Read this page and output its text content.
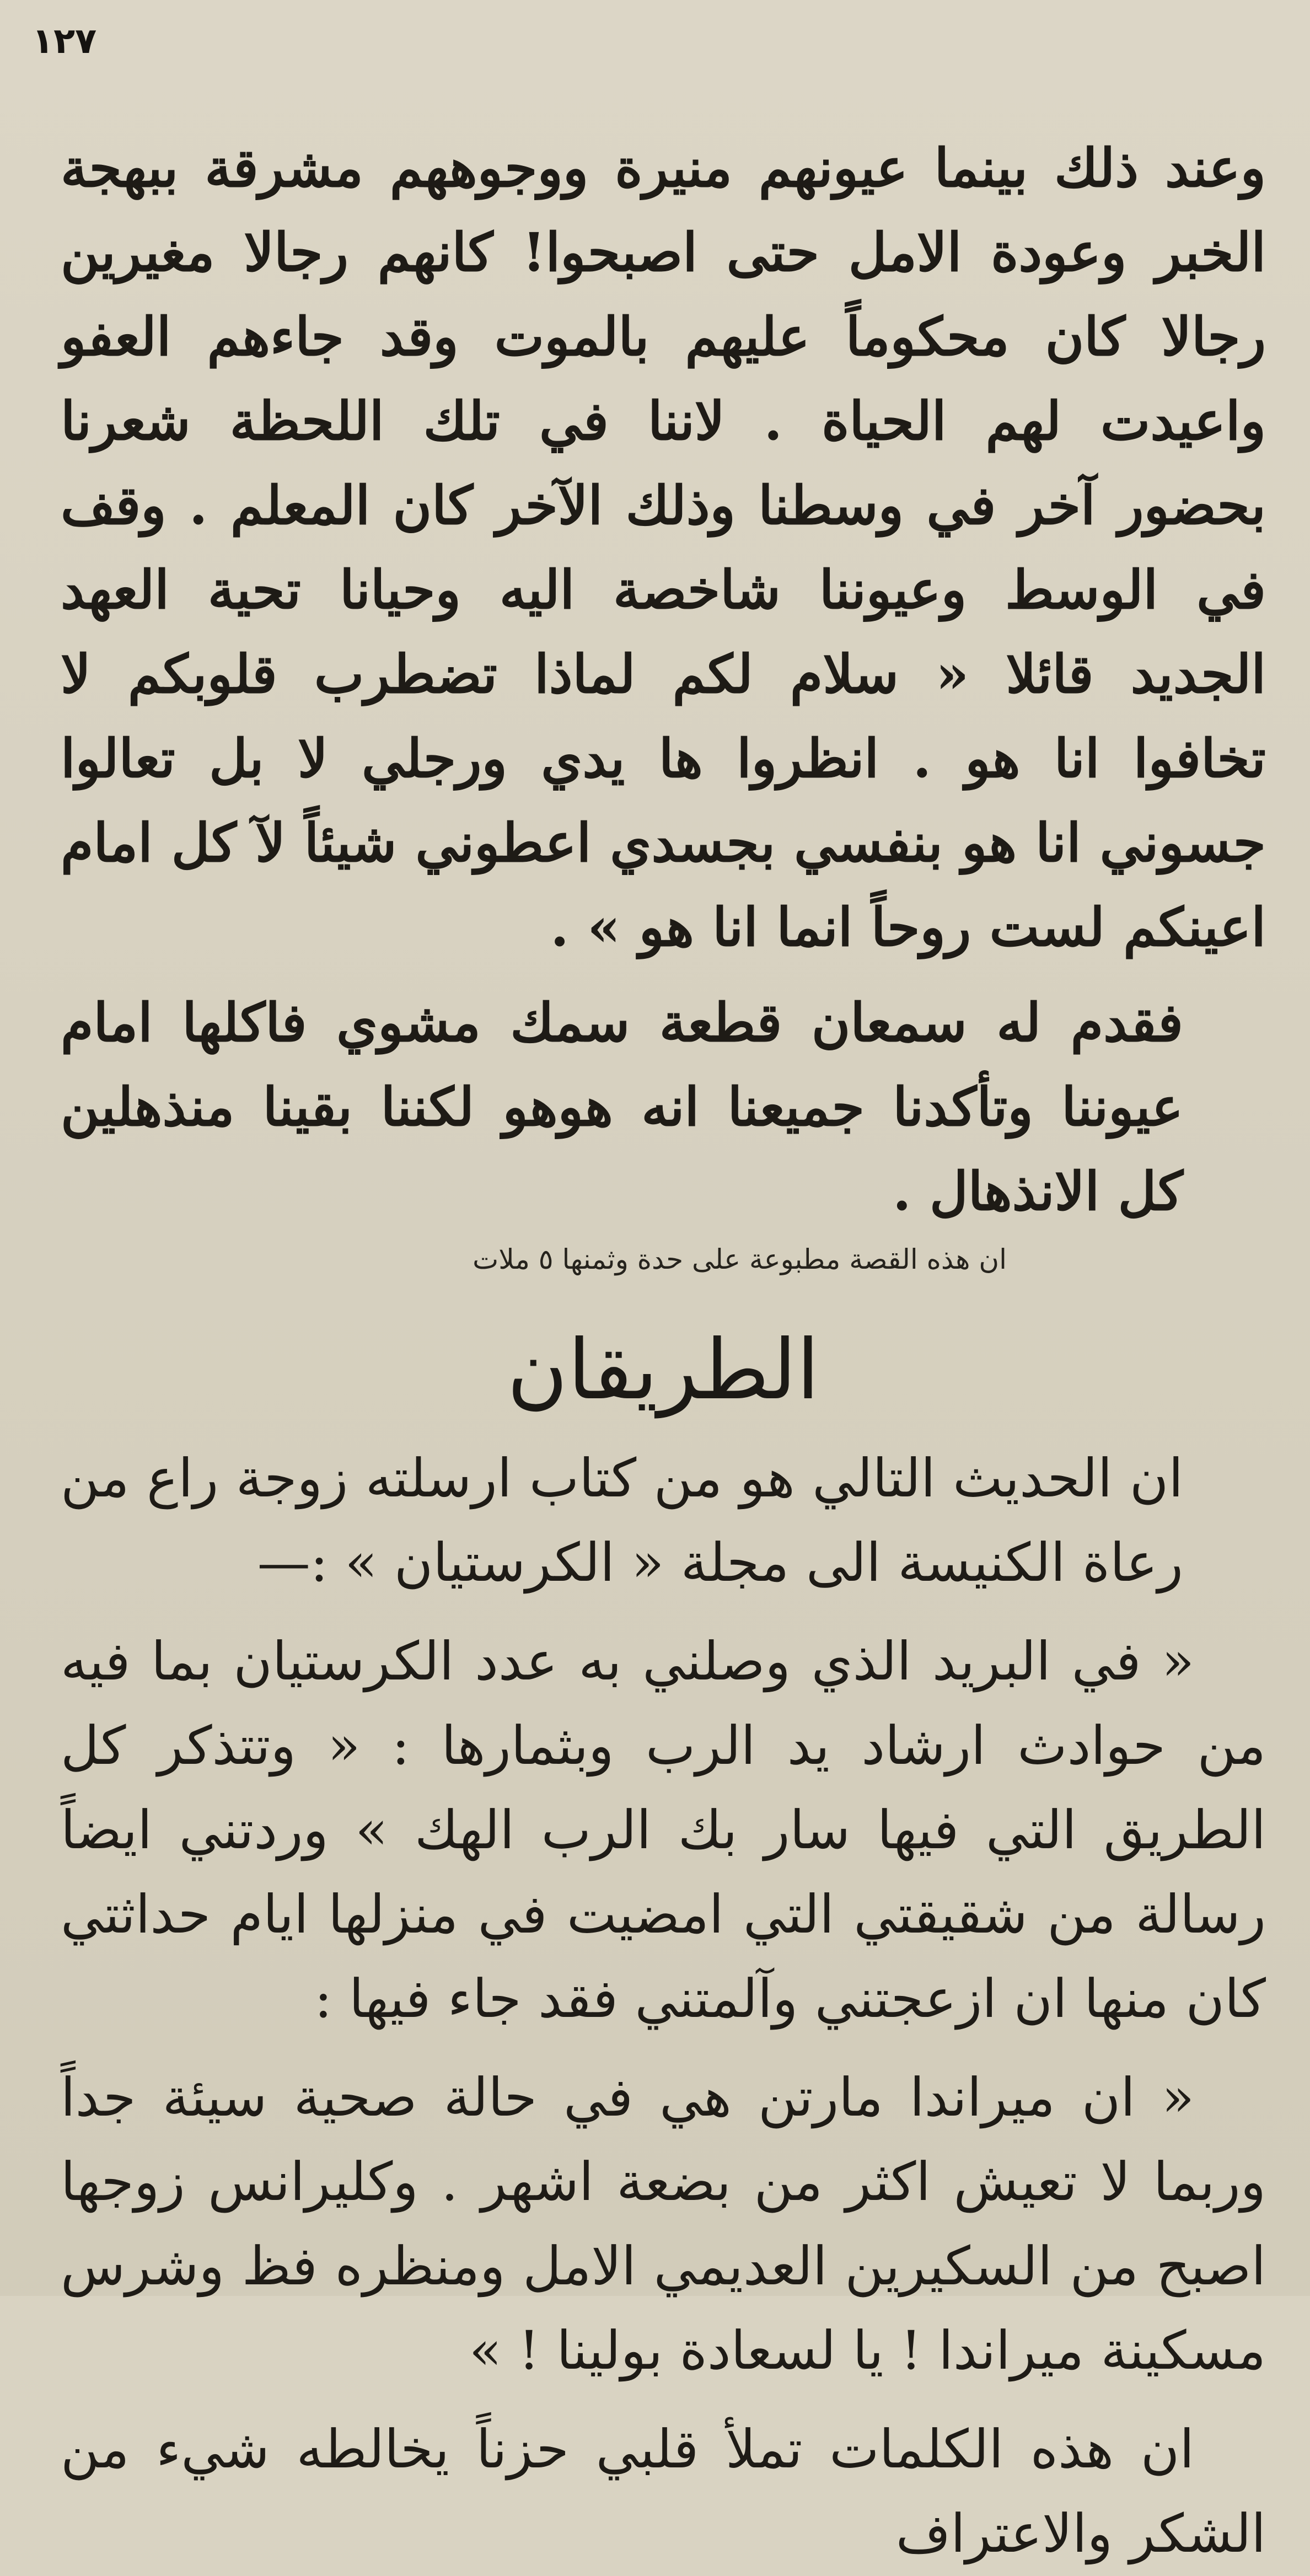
١٢٧

وعند ذلك بينما عيونهم منيرة ووجوههم مشرقة ببهجة الخبر وعودة الامل حتى اصبحوا! كانهم رجالا مغيرين رجالا كان محكوماً عليهم بالموت وقد جاءهم العفو واعيدت لهم الحياة . لاننا في تلك اللحظة شعرنا بحضور آخر في وسطنا وذلك الآخر كان المعلم . وقف في الوسط وعيوننا شاخصة اليه وحيانا تحية العهد الجديد قائلا « سلام لكم لماذا تضطرب قلوبكم لا تخافوا انا هو . انظروا ها يدي ورجلي لا بل تعالوا جسوني انا هو بنفسي بجسدي اعطوني شيئاً لآ كل امام اعينكم لست روحاً انما انا هو » .

فقدم له سمعان قطعة سمك مشوي فاكلها امام عيوننا وتأكدنا جميعنا انه هوهو لكننا بقينا منذهلين كل الانذهال .

ان هذه القصة مطبوعة على حدة وثمنها ٥ ملات

الطريقان

ان الحديث التالي هو من كتاب ارسلته زوجة راع من رعاة الكنيسة الى مجلة « الكرستيان » :—

« في البريد الذي وصلني به عدد الكرستيان بما فيه من حوادث ارشاد يد الرب وبثمارها : « وتتذكر كل الطريق التي فيها سار بك الرب الهك » وردتني ايضاً رسالة من شقيقتي التي امضيت في منزلها ايام حداثتي كان منها ان ازعجتني وآلمتني فقد جاء فيها :

« ان ميراندا مارتن هي في حالة صحية سيئة جداً وربما لا تعيش اكثر من بضعة اشهر . وكليرانس زوجها اصبح من السكيرين العديمي الامل ومنظره فظ وشرس مسكينة ميراندا ! يا لسعادة بولينا ! »

ان هذه الكلمات تملأ قلبي حزناً يخالطه شيء من الشكر والاعتراف
